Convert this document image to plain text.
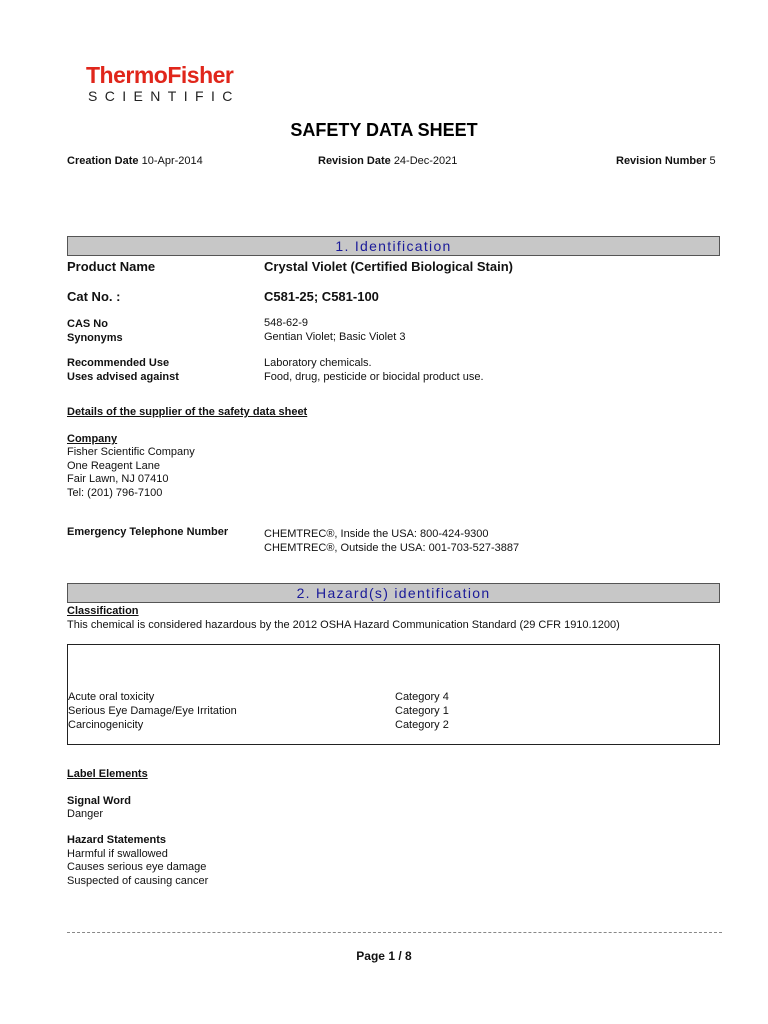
ThermoFisher
SCIENTIFIC
SAFETY DATA SHEET
Creation Date 10-Apr-2014	Revision Date 24-Dec-2021	Revision Number 5
1. Identification
Product Name	Crystal Violet (Certified Biological Stain)
Cat No. :	C581-25; C581-100
CAS No	548-62-9
Synonyms	Gentian Violet; Basic Violet 3
Recommended Use	Laboratory chemicals.
Uses advised against	Food, drug, pesticide or biocidal product use.
Details of the supplier of the safety data sheet
Company
Fisher Scientific Company
One Reagent Lane
Fair Lawn, NJ 07410
Tel: (201) 796-7100
Emergency Telephone Number	CHEMTREC®, Inside the USA: 800-424-9300
CHEMTREC®, Outside the USA: 001-703-527-3887
2. Hazard(s) identification
Classification
This chemical is considered hazardous by the 2012 OSHA Hazard Communication Standard (29 CFR 1910.1200)
Acute oral toxicity	Category 4
Serious Eye Damage/Eye Irritation	Category 1
Carcinogenicity	Category 2
Label Elements
Signal Word
Danger
Hazard Statements
Harmful if swallowed
Causes serious eye damage
Suspected of causing cancer
Page 1 / 8
